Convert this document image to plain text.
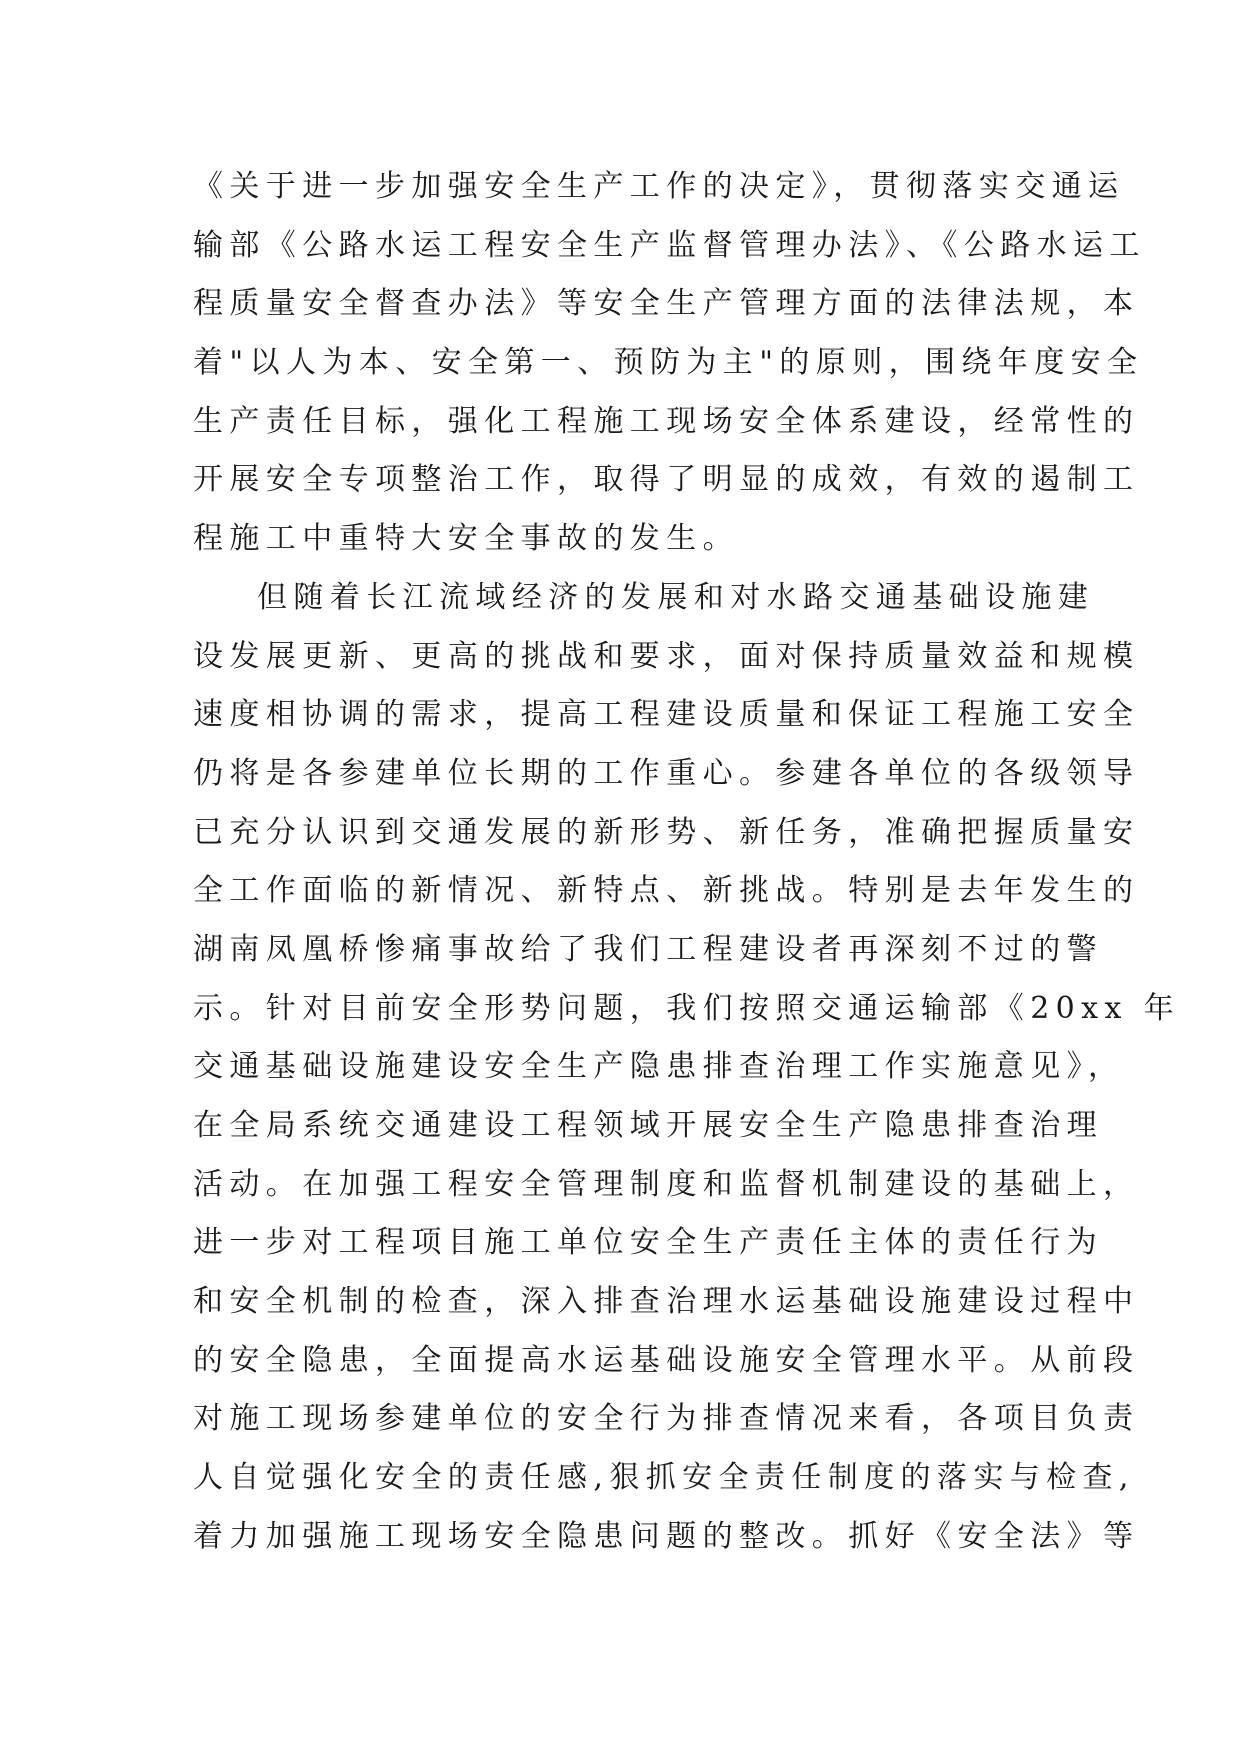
《关于进一步加强安全生产工作的决定》，贯彻落实交通运
输部《公路水运工程安全生产监督管理办法》、《公路水运工
程质量安全督查办法》等安全生产管理方面的法律法规，本
着"以人为本、安全第一、预防为主"的原则，围绕年度安全
生产责任目标，强化工程施工现场安全体系建设，经常性的
开展安全专项整治工作，取得了明显的成效，有效的遏制工
程施工中重特大安全事故的发生。
但随着长江流域经济的发展和对水路交通基础设施建
设发展更新、更高的挑战和要求，面对保持质量效益和规模
速度相协调的需求，提高工程建设质量和保证工程施工安全
仍将是各参建单位长期的工作重心。参建各单位的各级领导
已充分认识到交通发展的新形势、新任务，准确把握质量安
全工作面临的新情况、新特点、新挑战。特别是去年发生的
湖南凤凰桥惨痛事故给了我们工程建设者再深刻不过的警
示。针对目前安全形势问题，我们按照交通运输部《20xx 年
交通基础设施建设安全生产隐患排查治理工作实施意见》，
在全局系统交通建设工程领域开展安全生产隐患排查治理
活动。在加强工程安全管理制度和监督机制建设的基础上，
进一步对工程项目施工单位安全生产责任主体的责任行为
和安全机制的检查，深入排查治理水运基础设施建设过程中
的安全隐患，全面提高水运基础设施安全管理水平。从前段
对施工现场参建单位的安全行为排查情况来看，各项目负责
人自觉强化安全的责任感,狠抓安全责任制度的落实与检查,
着力加强施工现场安全隐患问题的整改。抓好《安全法》等
